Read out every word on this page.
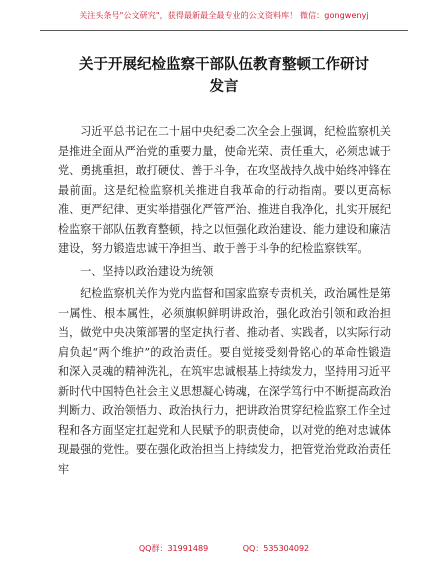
关注头条号"公文研究"，获得最新最全最专业的公文资料库！ 微信：gongwenyj
关于开展纪检监察干部队伍教育整顿工作研讨
发言

习近平总书记在二十届中央纪委二次全会上强调，纪检监察机关是推进全面从严治党的重要力量，使命光荣、责任重大，必须忠诚于党、勇挑重担，敢打硬仗、善于斗争，在攻坚战持久战中始终冲锋在最前面。这是纪检监察机关推进自我革命的行动指南。要以更高标准、更严纪律、更实举措强化严管严治、推进自我净化，扎实开展纪检监察干部队伍教育整顿，持之以恒强化政治建设、能力建设和廉洁建设，努力锻造忠诚干净担当、敢于善于斗争的纪检监察铁军。

一、坚持以政治建设为统领

纪检监察机关作为党内监督和国家监察专责机关，政治属性是第一属性、根本属性，必须旗帜鲜明讲政治，强化政治引领和政治担当，做党中央决策部署的坚定执行者、推动者、实践者，以实际行动肩负起“两个维护”的政治责任。要自觉接受刻骨铭心的革命性锻造和深入灵魂的精神洗礼，在筑牢忠诚根基上持续发力，坚持用习近平新时代中国特色社会主义思想凝心铸魂，在深学笃行中不断提高政治判断力、政治领悟力、政治执行力，把讲政治贯穿纪检监察工作全过程和各方面坚定扛起党和人民赋予的职责使命，以对党的绝对忠诚体现最强的党性。要在强化政治担当上持续发力，把管党治党政治责任牢

QQ群：31991489	QQ：535304092
